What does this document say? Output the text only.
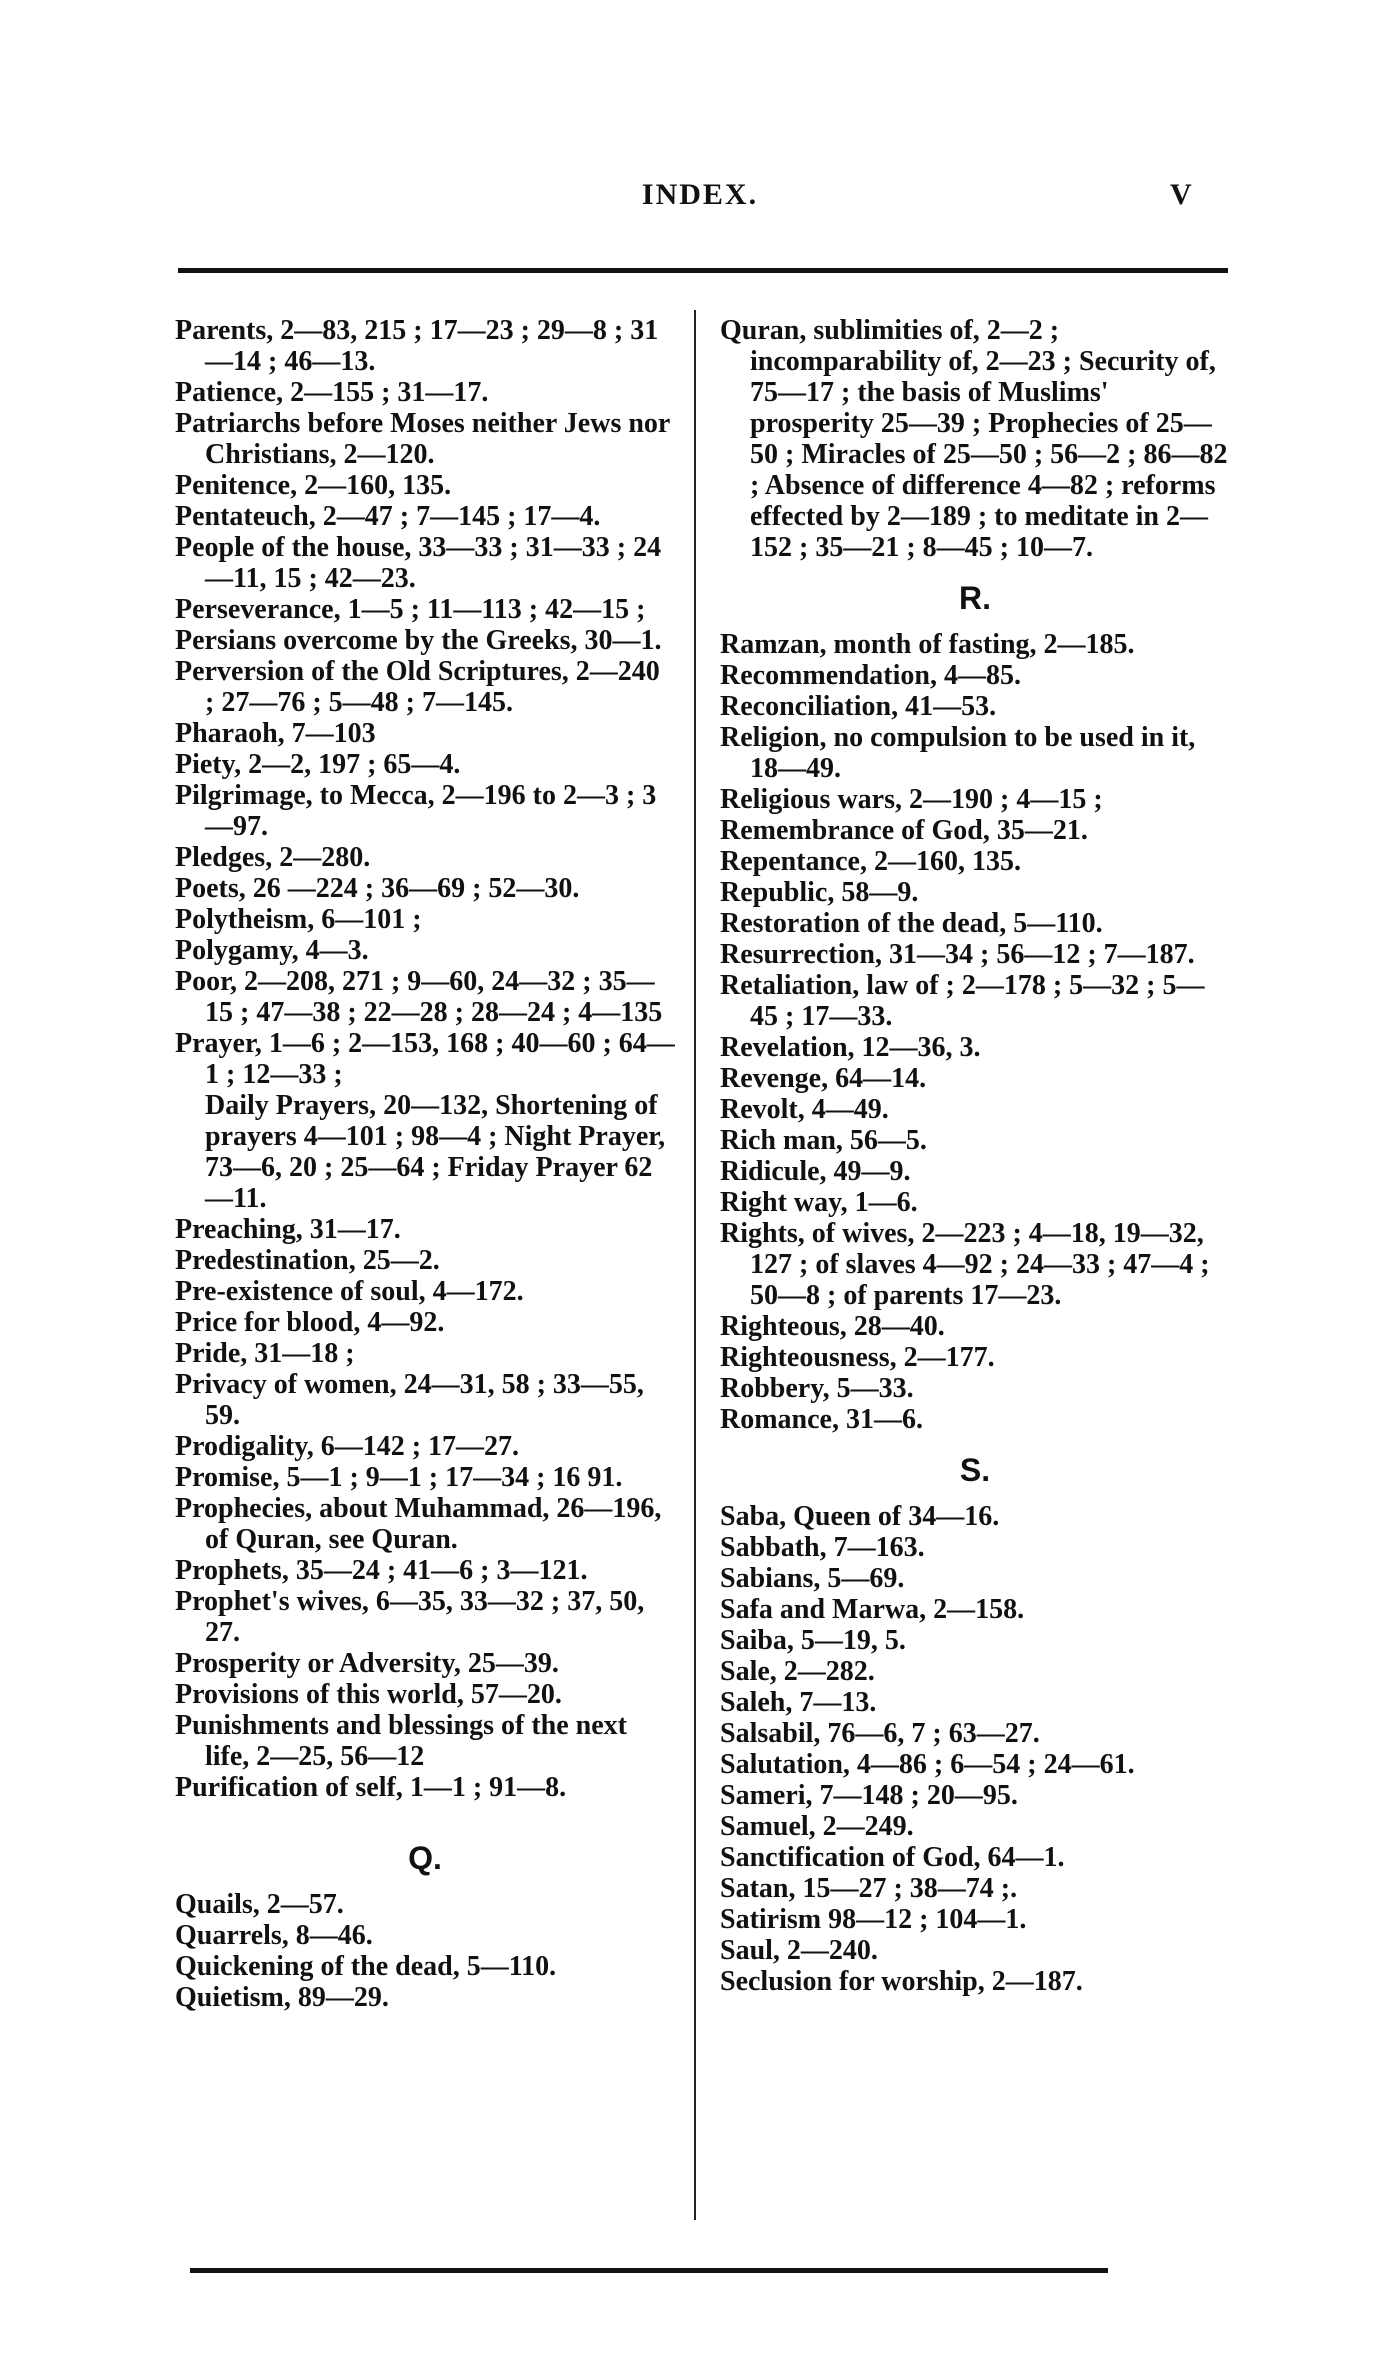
INDEX.	V

Parents, 2—83, 215 ; 17—23 ; 29—8 ; 31—14 ; 46—13.

Patience, 2—155 ; 31—17.

Patriarchs before Moses neither Jews nor Christians, 2—120.

Penitence, 2—160, 135.

Pentateuch, 2—47 ; 7—145 ; 17—4.

People of the house, 33—33 ; 31—33 ; 24—11, 15 ; 42—23.

Perseverance, 1—5 ; 11—113 ; 42—15 ;

Persians overcome by the Greeks, 30—1.

Perversion of the Old Scriptures, 2—240 ; 27—76 ; 5—48 ; 7—145.

Pharaoh, 7—103

Piety, 2—2, 197 ; 65—4.

Pilgrimage, to Mecca, 2—196 to 2—3 ; 3—97.

Pledges, 2—280.

Poets, 26 —224 ; 36—69 ; 52—30.

Polytheism, 6—101 ;

Polygamy, 4—3.

Poor, 2—208, 271 ; 9—60, 24—32 ; 35—15 ; 47—38 ; 22—28 ; 28—24 ; 4—135

Prayer, 1—6 ; 2—153, 168 ; 40—60 ; 64—1 ; 12—33 ;

Daily Prayers, 20—132, Shortening of prayers 4—101 ; 98—4 ; Night Prayer, 73—6, 20 ; 25—64 ; Friday Prayer 62—11.

Preaching, 31—17.

Predestination, 25—2.

Pre-existence of soul, 4—172.

Price for blood, 4—92.

Pride, 31—18 ;

Privacy of women, 24—31, 58 ; 33—55, 59.

Prodigality, 6—142 ; 17—27.

Promise, 5—1 ; 9—1 ; 17—34 ; 16 91.

Prophecies, about Muhammad, 26—196, of Quran, see Quran.

Prophets, 35—24 ; 41—6 ; 3—121.

Prophet's wives, 6—35, 33—32 ; 37, 50, 27.

Prosperity or Adversity, 25—39.

Provisions of this world, 57—20.

Punishments and blessings of the next life, 2—25, 56—12

Purification of self, 1—1 ; 91—8.

Q.

Quails, 2—57.

Quarrels, 8—46.

Quickening of the dead, 5—110.

Quietism, 89—29.

Quran, sublimities of, 2—2 ; incomparability of, 2—23 ; Security of, 75—17 ; the basis of Muslims' prosperity 25—39 ; Prophecies of 25—50 ; Miracles of 25—50 ; 56—2 ; 86—82 ; Absence of difference 4—82 ; reforms effected by 2—189 ; to meditate in 2—152 ; 35—21 ; 8—45 ; 10—7.

R.

Ramzan, month of fasting, 2—185.

Recommendation, 4—85.

Reconciliation, 41—53.

Religion, no compulsion to be used in it, 18—49.

Religious wars, 2—190 ; 4—15 ;

Remembrance of God, 35—21.

Repentance, 2—160, 135.

Republic, 58—9.

Restoration of the dead, 5—110.

Resurrection, 31—34 ; 56—12 ; 7—187.

Retaliation, law of ; 2—178 ; 5—32 ; 5—45 ; 17—33.

Revelation, 12—36, 3.

Revenge, 64—14.

Revolt, 4—49.

Rich man, 56—5.

Ridicule, 49—9.

Right way, 1—6.

Rights, of wives, 2—223 ; 4—18, 19—32, 127 ; of slaves 4—92 ; 24—33 ; 47—4 ; 50—8 ; of parents 17—23.

Righteous, 28—40.

Righteousness, 2—177.

Robbery, 5—33.

Romance, 31—6.

S.

Saba, Queen of 34—16.

Sabbath, 7—163.

Sabians, 5—69.

Safa and Marwa, 2—158.

Saiba, 5—19, 5.

Sale, 2—282.

Saleh, 7—13.

Salsabil, 76—6, 7 ; 63—27.

Salutation, 4—86 ; 6—54 ; 24—61.

Sameri, 7—148 ; 20—95.

Samuel, 2—249.

Sanctification of God, 64—1.

Satan, 15—27 ; 38—74 ;.

Satirism 98—12 ; 104—1.

Saul, 2—240.

Seclusion for worship, 2—187.
